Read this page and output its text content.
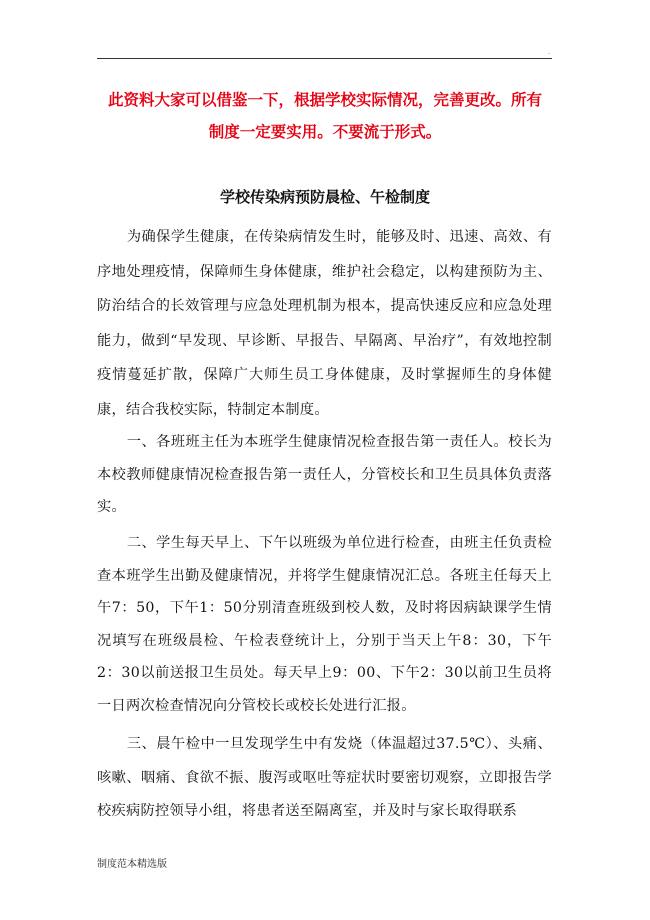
.
此资料大家可以借鉴一下，根据学校实际情况，完善更改。所有
制度一定要实用。不要流于形式。
学校传染病预防晨检、午检制度

为确保学生健康，在传染病情发生时，能够及时、迅速、高效、有序地处理疫情，保障师生身体健康，维护社会稳定，以构建预防为主、防治结合的长效管理与应急处理机制为根本，提高快速反应和应急处理能力，做到“早发现、早诊断、早报告、早隔离、早治疗”，有效地控制疫情蔓延扩散，保障广大师生员工身体健康，及时掌握师生的身体健康，结合我校实际，特制定本制度。

一、各班班主任为本班学生健康情况检查报告第一责任人。校长为本校教师健康情况检查报告第一责任人，分管校长和卫生员具体负责落实。

二、学生每天早上、下午以班级为单位进行检查，由班主任负责检查本班学生出勤及健康情况，并将学生健康情况汇总。各班主任每天上午7：50，下午1：50分别清查班级到校人数，及时将因病缺课学生情况填写在班级晨检、午检表登统计上，分别于当天上午8：30，下午2：30以前送报卫生员处。每天早上9：00、下午2：30以前卫生员将一日两次检查情况向分管校长或校长处进行汇报。

三、晨午检中一旦发现学生中有发烧（体温超过37.5℃）、头痛、咳嗽、咽痛、食欲不振、腹泻或呕吐等症状时要密切观察，立即报告学校疾病防控领导小组，将患者送至隔离室，并及时与家长取得联系

制度范本精选版
